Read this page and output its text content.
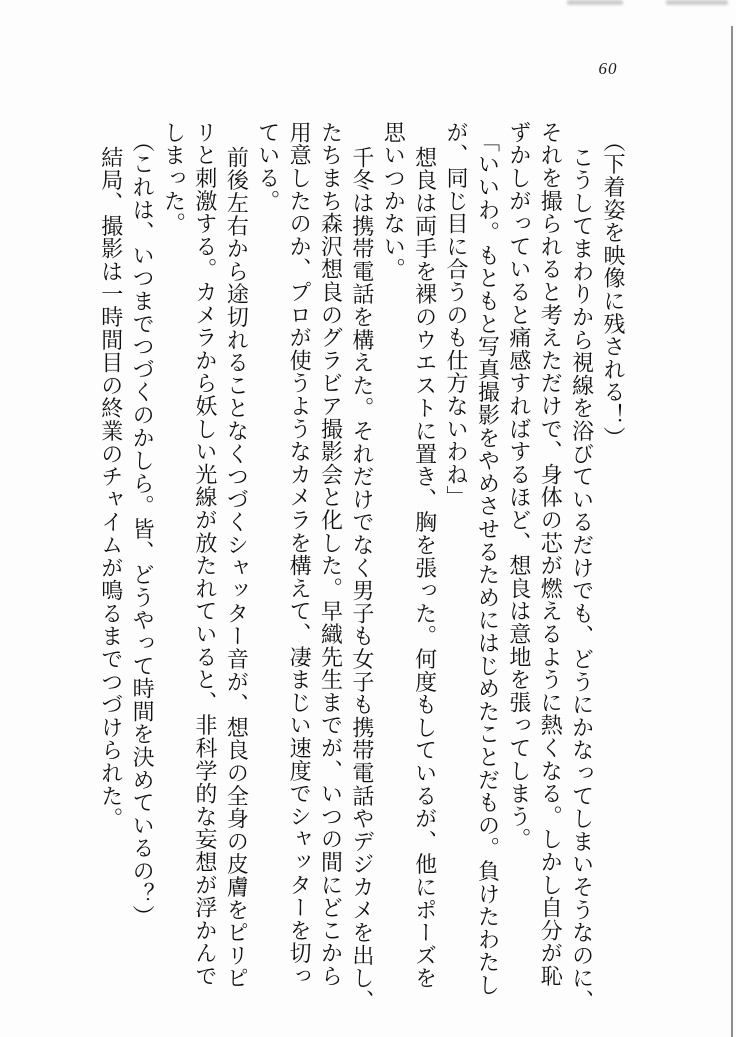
60
（下着姿を映像に残される！）
こうしてまわりから視線を浴びているだけでも、どうにかなってしまいそうなのに、
それを撮られると考えただけで、身体の芯が燃えるように熱くなる。しかし自分が恥
ずかしがっていると痛感すればするほど、想良は意地を張ってしまう。
「いいわ。もともと写真撮影をやめさせるためにはじめたことだもの。負けたわたし
が、同じ目に合うのも仕方ないわね」
想良は両手を裸のウエストに置き、胸を張った。何度もしているが、他にポーズを
思いつかない。
千冬は携帯電話を構えた。それだけでなく男子も女子も携帯電話やデジカメを出し、
たちまち森沢想良のグラビア撮影会と化した。早織先生までが、いつの間にどこから
用意したのか、プロが使うようなカメラを構えて、凄まじい速度でシャッターを切っ
ている。
前後左右から途切れることなくつづくシャッター音が、想良の全身の皮膚をピリピ
リと刺激する。カメラから妖しい光線が放たれていると、非科学的な妄想が浮かんで
しまった。
（これは、いつまでつづくのかしら。皆、どうやって時間を決めているの？）
結局、撮影は一時間目の終業のチャイムが鳴るまでつづけられた。
